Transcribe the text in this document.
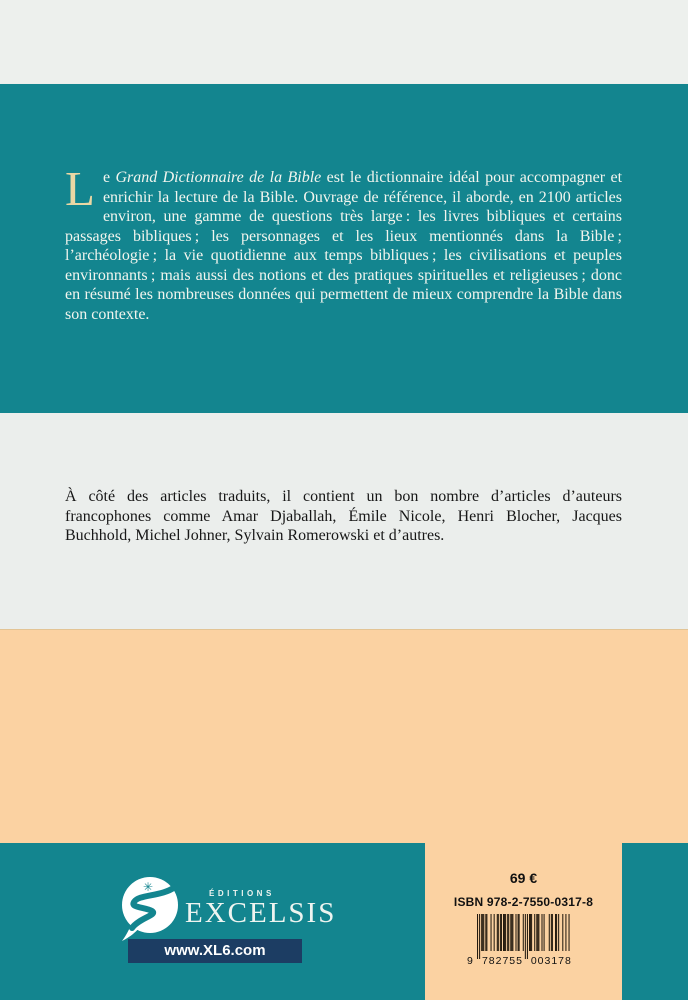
Le Grand Dictionnaire de la Bible est le dictionnaire idéal pour accompagner et enrichir la lecture de la Bible. Ouvrage de référence, il aborde, en 2100 articles environ, une gamme de questions très large : les livres bibliques et certains passages bibliques ; les personnages et les lieux mentionnés dans la Bible ; l’archéologie ; la vie quotidienne aux temps bibliques ; les civilisations et peuples environnants ; mais aussi des notions et des pratiques spirituelles et religieuses ; donc en résumé les nombreuses données qui permettent de mieux comprendre la Bible dans son contexte.

À côté des articles traduits, il contient un bon nombre d’articles d’auteurs francophones comme Amar Djaballah, Émile Nicole, Henri Blocher, Jacques Buchhold, Michel Johner, Sylvain Romerowski et d’autres.

✳	ÉDITIONS
EXCELSIS
www.XL6.com

69 €

ISBN 978-2-7550-0317-8

9 782755 003178
